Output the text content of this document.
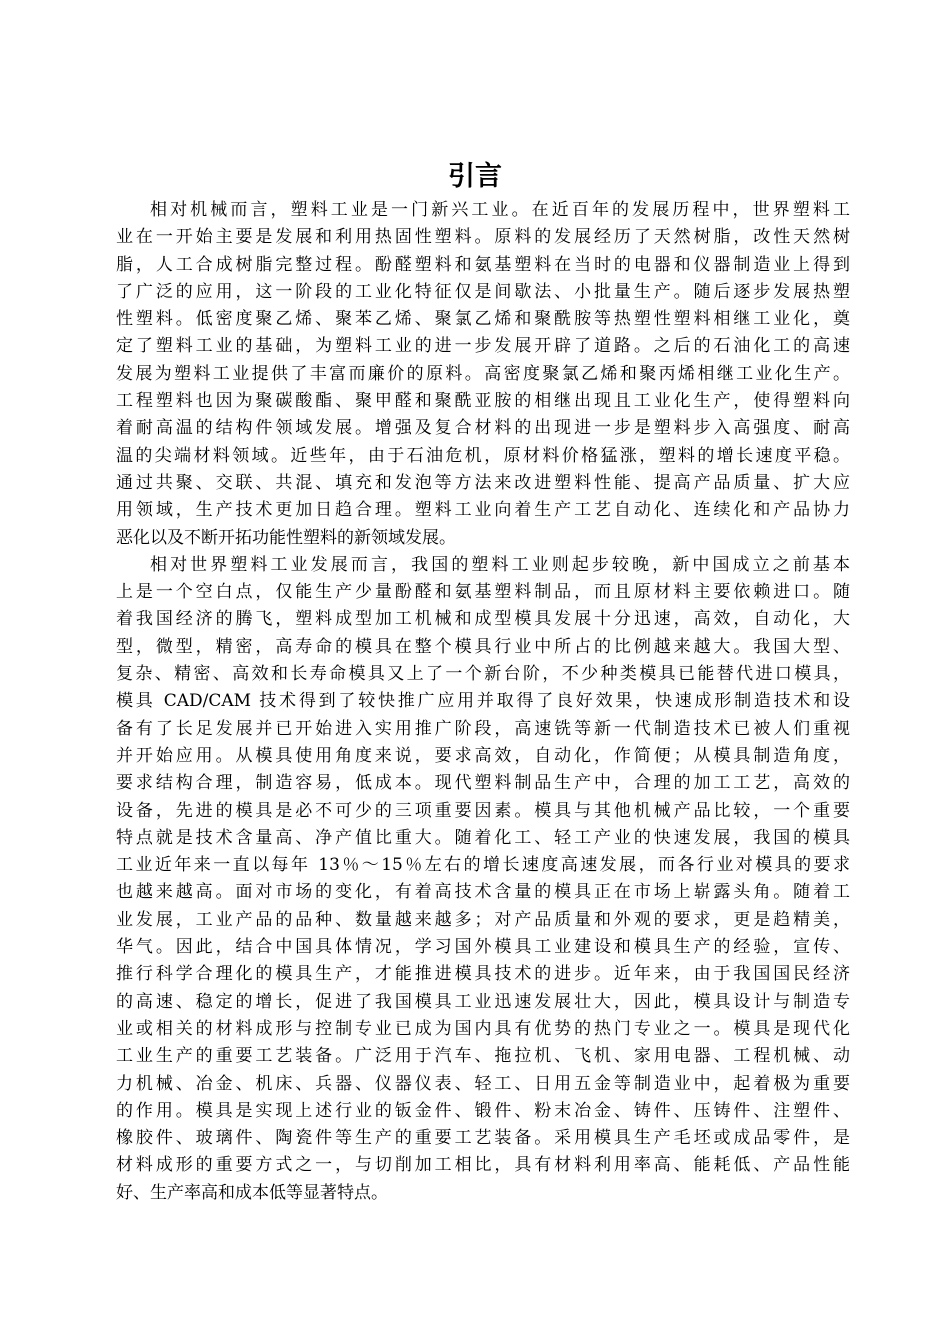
引言
相对机械而言，塑料工业是一门新兴工业。在近百年的发展历程中，世界塑料工
业在一开始主要是发展和利用热固性塑料。原料的发展经历了天然树脂，改性天然树
脂，人工合成树脂完整过程。酚醛塑料和氨基塑料在当时的电器和仪器制造业上得到
了广泛的应用，这一阶段的工业化特征仅是间歇法、小批量生产。随后逐步发展热塑
性塑料。低密度聚乙烯、聚苯乙烯、聚氯乙烯和聚酰胺等热塑性塑料相继工业化，奠
定了塑料工业的基础，为塑料工业的进一步发展开辟了道路。之后的石油化工的高速
发展为塑料工业提供了丰富而廉价的原料。高密度聚氯乙烯和聚丙烯相继工业化生产。
工程塑料也因为聚碳酸酯、聚甲醛和聚酰亚胺的相继出现且工业化生产，使得塑料向
着耐高温的结构件领域发展。增强及复合材料的出现进一步是塑料步入高强度、耐高
温的尖端材料领域。近些年，由于石油危机，原材料价格猛涨，塑料的增长速度平稳。
通过共聚、交联、共混、填充和发泡等方法来改进塑料性能、提高产品质量、扩大应
用领域，生产技术更加日趋合理。塑料工业向着生产工艺自动化、连续化和产品协力
恶化以及不断开拓功能性塑料的新领域发展。
相对世界塑料工业发展而言，我国的塑料工业则起步较晚，新中国成立之前基本
上是一个空白点，仅能生产少量酚醛和氨基塑料制品，而且原材料主要依赖进口。随
着我国经济的腾飞，塑料成型加工机械和成型模具发展十分迅速，高效，自动化，大
型，微型，精密，高寿命的模具在整个模具行业中所占的比例越来越大。我国大型、
复杂、精密、高效和长寿命模具又上了一个新台阶，不少种类模具已能替代进口模具，
模具 CAD/CAM 技术得到了较快推广应用并取得了良好效果，快速成形制造技术和设
备有了长足发展并已开始进入实用推广阶段，高速铣等新一代制造技术已被人们重视
并开始应用。从模具使用角度来说，要求高效，自动化，作简便；从模具制造角度，
要求结构合理，制造容易，低成本。现代塑料制品生产中，合理的加工工艺，高效的
设备，先进的模具是必不可少的三项重要因素。模具与其他机械产品比较，一个重要
特点就是技术含量高、净产值比重大。随着化工、轻工产业的快速发展，我国的模具
工业近年来一直以每年 13％～15％左右的增长速度高速发展，而各行业对模具的要求
也越来越高。面对市场的变化，有着高技术含量的模具正在市场上崭露头角。随着工
业发展，工业产品的品种、数量越来越多；对产品质量和外观的要求，更是趋精美，
华气。因此，结合中国具体情况，学习国外模具工业建设和模具生产的经验，宣传、
推行科学合理化的模具生产，才能推进模具技术的进步。近年来，由于我国国民经济
的高速、稳定的增长，促进了我国模具工业迅速发展壮大，因此，模具设计与制造专
业或相关的材料成形与控制专业已成为国内具有优势的热门专业之一。模具是现代化
工业生产的重要工艺装备。广泛用于汽车、拖拉机、飞机、家用电器、工程机械、动
力机械、冶金、机床、兵器、仪器仪表、轻工、日用五金等制造业中，起着极为重要
的作用。模具是实现上述行业的钣金件、锻件、粉末冶金、铸件、压铸件、注塑件、
橡胶件、玻璃件、陶瓷件等生产的重要工艺装备。采用模具生产毛坯或成品零件，是
材料成形的重要方式之一，与切削加工相比，具有材料利用率高、能耗低、产品性能
好、生产率高和成本低等显著特点。
